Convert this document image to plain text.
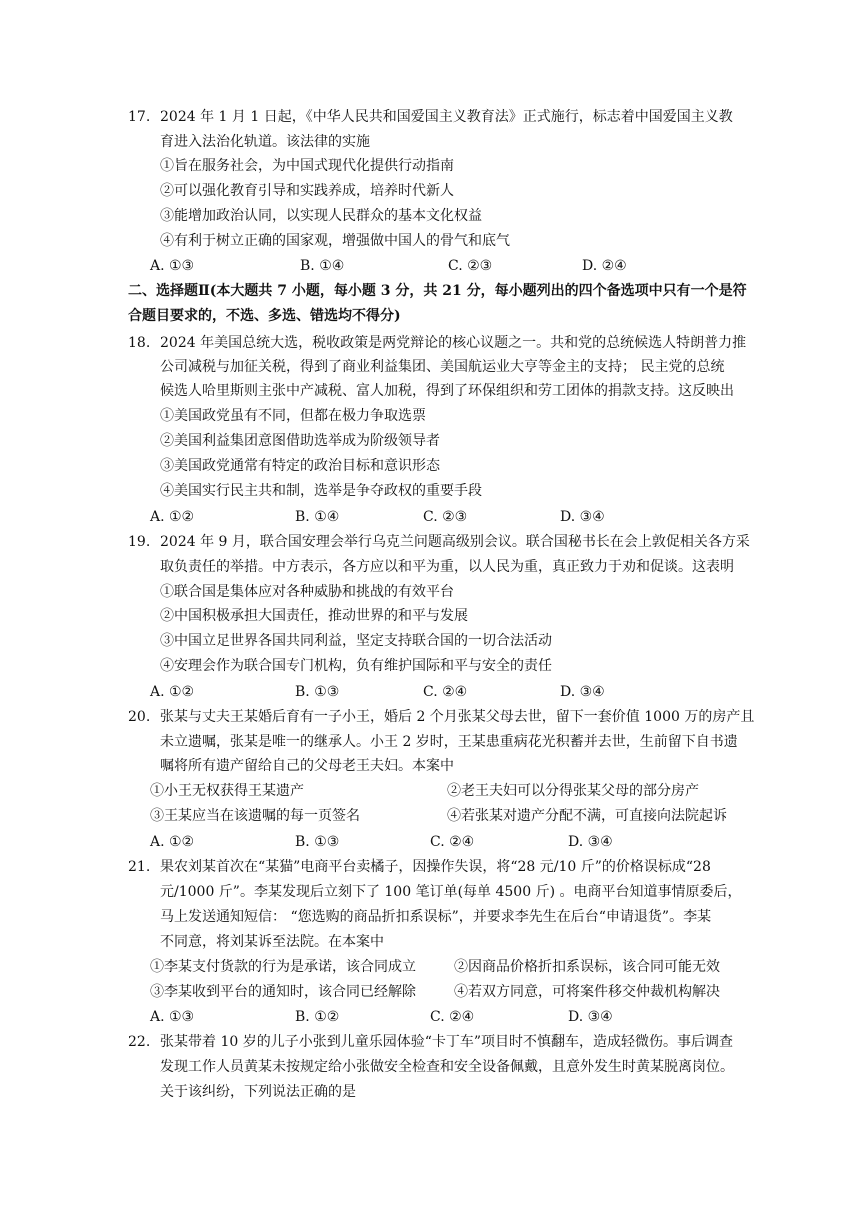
17. 2024 年 1 月 1 日起，《中华人民共和国爱国主义教育法》正式施行，标志着中国爱国主义教
育进入法治化轨道。该法律的实施
①旨在服务社会，为中国式现代化提供行动指南
②可以强化教育引导和实践养成，培养时代新人
③能增加政治认同，以实现人民群众的基本文化权益
④有利于树立正确的国家观，增强做中国人的骨气和底气
A. ①③	B. ①④	C. ②③	D. ②④
二、选择题Ⅱ(本大题共 7 小题，每小题 3 分，共 21 分，每小题列出的四个备选项中只有一个是符
合题目要求的，不选、多选、错选均不得分)
18. 2024 年美国总统大选，税收政策是两党辩论的核心议题之一。共和党的总统候选人特朗普力推
公司减税与加征关税，得到了商业利益集团、美国航运业大亨等金主的支持； 民主党的总统
候选人哈里斯则主张中产减税、富人加税，得到了环保组织和劳工团体的捐款支持。这反映出
①美国政党虽有不同，但都在极力争取选票
②美国利益集团意图借助选举成为阶级领导者
③美国政党通常有特定的政治目标和意识形态
④美国实行民主共和制，选举是争夺政权的重要手段
A. ①②	B. ①④	C. ②③	D. ③④
19. 2024 年 9 月，联合国安理会举行乌克兰问题高级别会议。联合国秘书长在会上敦促相关各方采
取负责任的举措。中方表示，各方应以和平为重，以人民为重，真正致力于劝和促谈。这表明
①联合国是集体应对各种威胁和挑战的有效平台
②中国积极承担大国责任，推动世界的和平与发展
③中国立足世界各国共同利益，坚定支持联合国的一切合法活动
④安理会作为联合国专门机构，负有维护国际和平与安全的责任
A. ①②	B. ①③	C. ②④	D. ③④
20. 张某与丈夫王某婚后育有一子小王，婚后 2 个月张某父母去世，留下一套价值 1000 万的房产且
未立遗嘱，张某是唯一的继承人。小王 2 岁时，王某患重病花光积蓄并去世，生前留下自书遗
嘱将所有遗产留给自己的父母老王夫妇。本案中
①小王无权获得王某遗产	②老王夫妇可以分得张某父母的部分房产
③王某应当在该遗嘱的每一页签名	④若张某对遗产分配不满，可直接向法院起诉
A. ①②	B. ①③	C. ②④	D. ③④
21. 果农刘某首次在“某猫”电商平台卖橘子，因操作失误，将“28 元/10 斤”的价格误标成“28
元/1000 斤”。李某发现后立刻下了 100 笔订单(每单 4500 斤) 。电商平台知道事情原委后，
马上发送通知短信： “您选购的商品折扣系误标”，并要求李先生在后台“申请退货”。李某
不同意，将刘某诉至法院。在本案中
①李某支付货款的行为是承诺，该合同成立	②因商品价格折扣系误标，该合同可能无效
③李某收到平台的通知时，该合同已经解除	④若双方同意，可将案件移交仲裁机构解决
A. ①③	B. ①②	C. ②④	D. ③④
22. 张某带着 10 岁的儿子小张到儿童乐园体验“卡丁车”项目时不慎翻车，造成轻微伤。事后调查
发现工作人员黄某未按规定给小张做安全检查和安全设备佩戴，且意外发生时黄某脱离岗位。
关于该纠纷，下列说法正确的是
